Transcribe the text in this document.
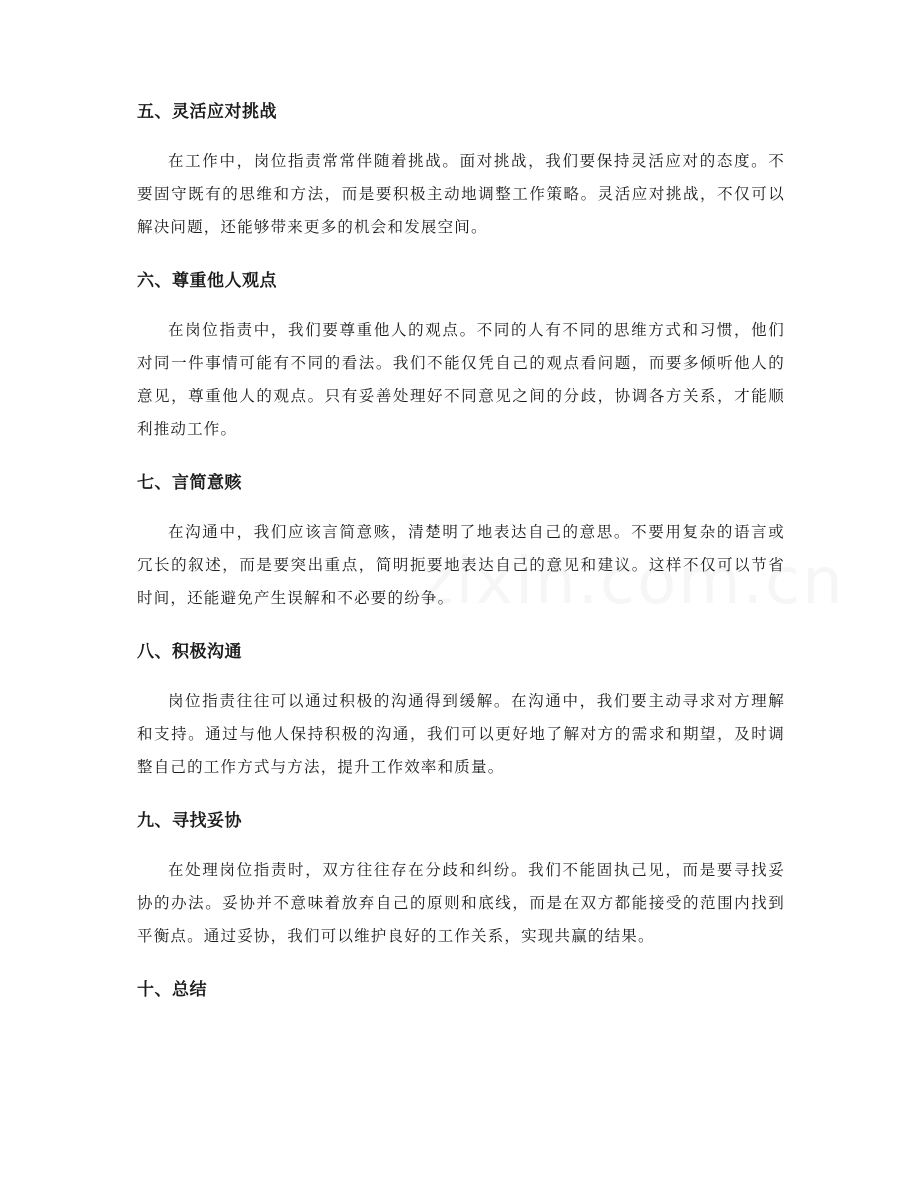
五、灵活应对挑战

在工作中，岗位指责常常伴随着挑战。面对挑战，我们要保持灵活应对的态度。不要固守既有的思维和方法，而是要积极主动地调整工作策略。灵活应对挑战，不仅可以解决问题，还能够带来更多的机会和发展空间。

六、尊重他人观点

在岗位指责中，我们要尊重他人的观点。不同的人有不同的思维方式和习惯，他们对同一件事情可能有不同的看法。我们不能仅凭自己的观点看问题，而要多倾听他人的意见，尊重他人的观点。只有妥善处理好不同意见之间的分歧，协调各方关系，才能顺利推动工作。

七、言简意赅

在沟通中，我们应该言简意赅，清楚明了地表达自己的意思。不要用复杂的语言或冗长的叙述，而是要突出重点，简明扼要地表达自己的意见和建议。这样不仅可以节省时间，还能避免产生误解和不必要的纷争。

八、积极沟通

岗位指责往往可以通过积极的沟通得到缓解。在沟通中，我们要主动寻求对方理解和支持。通过与他人保持积极的沟通，我们可以更好地了解对方的需求和期望，及时调整自己的工作方式与方法，提升工作效率和质量。

九、寻找妥协

在处理岗位指责时，双方往往存在分歧和纠纷。我们不能固执己见，而是要寻找妥协的办法。妥协并不意味着放弃自己的原则和底线，而是在双方都能接受的范围内找到平衡点。通过妥协，我们可以维护良好的工作关系，实现共赢的结果。

十、总结
